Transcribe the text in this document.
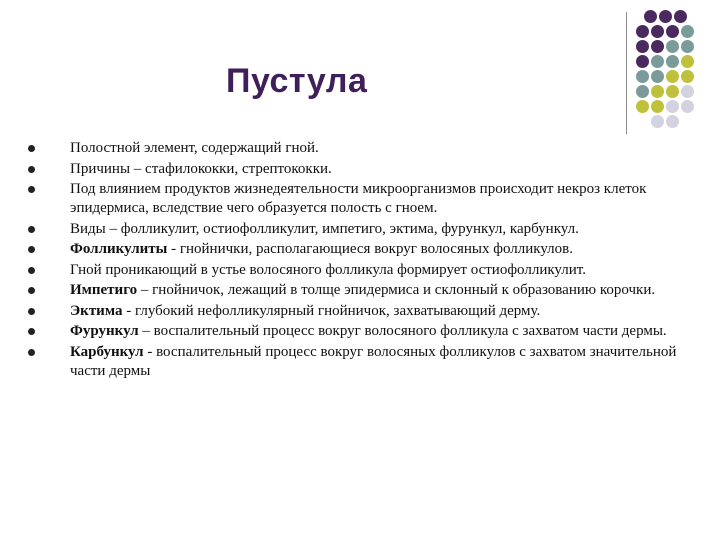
Пустула
Полостной элемент, содержащий гной.
Причины – стафилококки, стрептококки.
Под влиянием продуктов жизнедеятельности микроорганизмов происходит некроз клеток эпидермиса, вследствие чего образуется полость с гноем.
Виды – фолликулит, остиофолликулит, импетиго, эктима, фурункул, карбункул.
Фолликулиты - гнойнички, располагающиеся вокруг волосяных фолликулов.
Гной проникающий в устье волосяного фолликула формирует остиофолликулит.
Импетиго – гнойничок, лежащий в толще эпидермиса и склонный к образованию корочки.
Эктима - глубокий нефолликулярный гнойничок, захватывающий дерму.
Фурункул – воспалительный процесс вокруг волосяного фолликула с захватом части дермы.
Карбункул - воспалительный процесс вокруг волосяных фолликулов с захватом значительной части дермы
